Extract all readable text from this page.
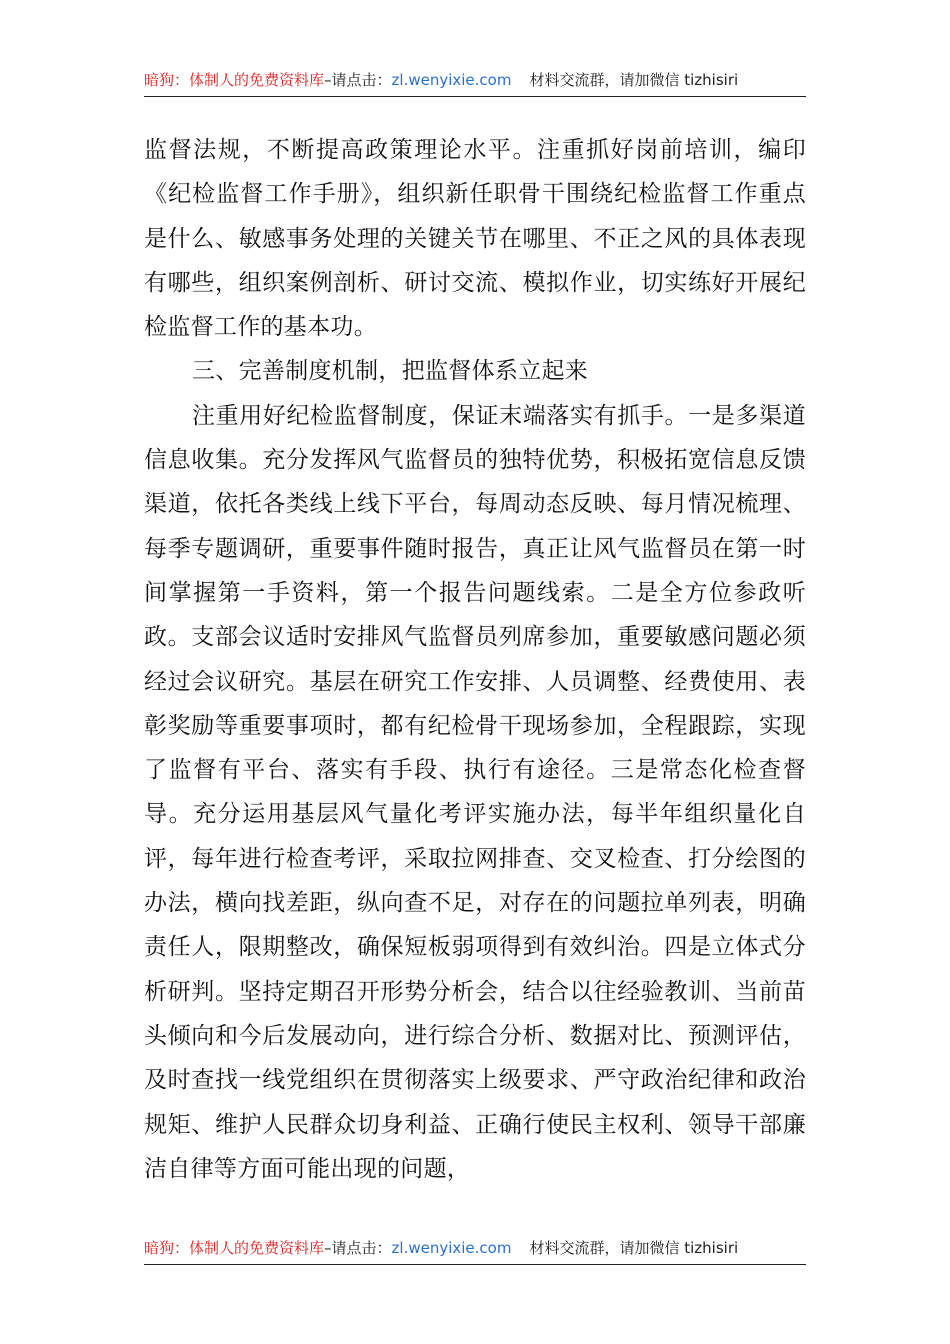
暗狗：体制人的免费资料库–请点击：zl.wenyixie.com 材料交流群，请加微信 tizhisiri

监督法规，不断提高政策理论水平。注重抓好岗前培训，编印《纪检监督工作手册》，组织新任职骨干围绕纪检监督工作重点是什么、敏感事务处理的关键关节在哪里、不正之风的具体表现有哪些，组织案例剖析、研讨交流、模拟作业，切实练好开展纪检监督工作的基本功。

三、完善制度机制，把监督体系立起来

注重用好纪检监督制度，保证末端落实有抓手。一是多渠道信息收集。充分发挥风气监督员的独特优势，积极拓宽信息反馈渠道，依托各类线上线下平台，每周动态反映、每月情况梳理、每季专题调研，重要事件随时报告，真正让风气监督员在第一时间掌握第一手资料，第一个报告问题线索。二是全方位参政听政。支部会议适时安排风气监督员列席参加，重要敏感问题必须经过会议研究。基层在研究工作安排、人员调整、经费使用、表彰奖励等重要事项时，都有纪检骨干现场参加，全程跟踪，实现了监督有平台、落实有手段、执行有途径。三是常态化检查督导。充分运用基层风气量化考评实施办法，每半年组织量化自评，每年进行检查考评，采取拉网排查、交叉检查、打分绘图的办法，横向找差距，纵向查不足，对存在的问题拉单列表，明确责任人，限期整改，确保短板弱项得到有效纠治。四是立体式分析研判。坚持定期召开形势分析会，结合以往经验教训、当前苗头倾向和今后发展动向，进行综合分析、数据对比、预测评估，及时查找一线党组织在贯彻落实上级要求、严守政治纪律和政治规矩、维护人民群众切身利益、正确行使民主权利、领导干部廉洁自律等方面可能出现的问题，

暗狗：体制人的免费资料库–请点击：zl.wenyixie.com 材料交流群，请加微信 tizhisiri
